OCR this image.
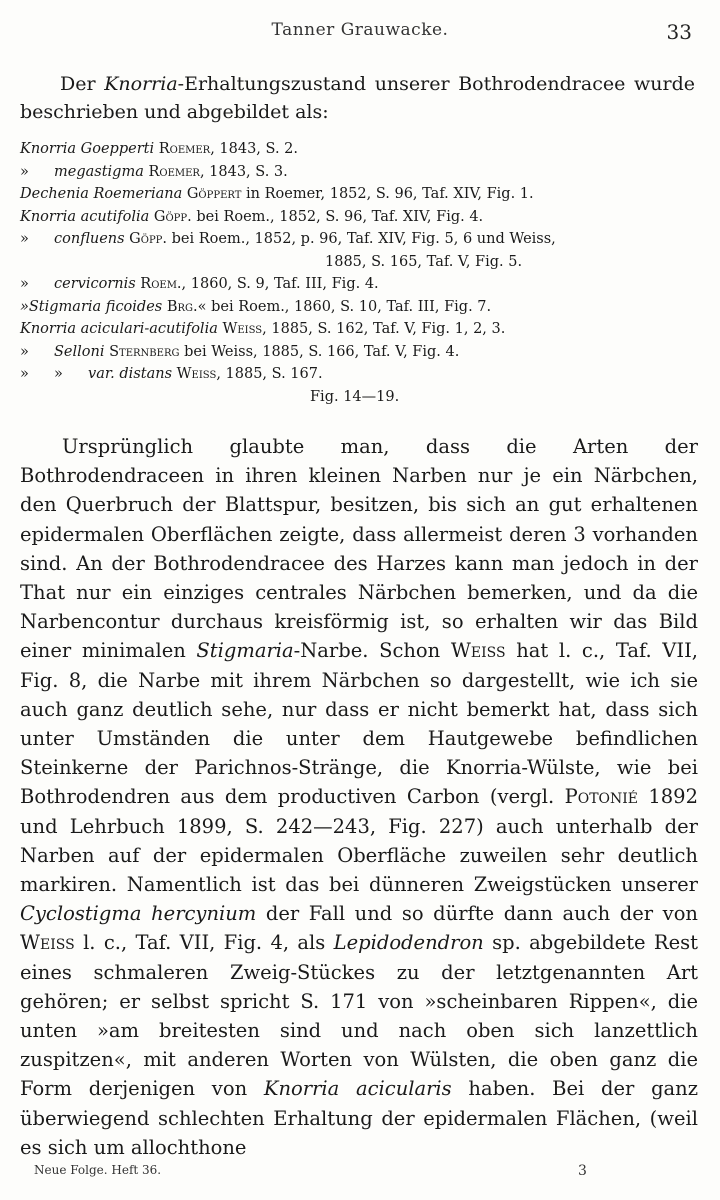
Tanner Grauwacke.	33

Der Knorria-Erhaltungszustand unserer Bothrodendracee wurde beschrieben und abgebildet als:

Knorria Goepperti Roemer, 1843, S. 2.
» megastigma Roemer, 1843, S. 3.
Dechenia Roemeriana Göppert in Roemer, 1852, S. 96, Taf. XIV, Fig. 1.
Knorria acutifolia Göpp. bei Roem., 1852, S. 96, Taf. XIV, Fig. 4.
» confluens Göpp. bei Roem., 1852, p. 96, Taf. XIV, Fig. 5, 6 und Weiss,
1885, S. 165, Taf. V, Fig. 5.
» cervicornis Roem., 1860, S. 9, Taf. III, Fig. 4.
»Stigmaria ficoides Brg.« bei Roem., 1860, S. 10, Taf. III, Fig. 7.
Knorria aciculari-acutifolia Weiss, 1885, S. 162, Taf. V, Fig. 1, 2, 3.
» Selloni Sternberg bei Weiss, 1885, S. 166, Taf. V, Fig. 4.
» » var. distans Weiss, 1885, S. 167.
Fig. 14—19.

Ursprünglich glaubte man, dass die Arten der Bothrodendraceen in ihren kleinen Narben nur je ein Närbchen, den Querbruch der Blattspur, besitzen, bis sich an gut erhaltenen epidermalen Oberflächen zeigte, dass allermeist deren 3 vorhanden sind. An der Bothrodendracee des Harzes kann man jedoch in der That nur ein einziges centrales Närbchen bemerken, und da die Narbencontur durchaus kreisförmig ist, so erhalten wir das Bild einer minimalen Stigmaria-Narbe. Schon Weiss hat l. c., Taf. VII, Fig. 8, die Narbe mit ihrem Närbchen so dargestellt, wie ich sie auch ganz deutlich sehe, nur dass er nicht bemerkt hat, dass sich unter Umständen die unter dem Hautgewebe befindlichen Steinkerne der Parichnos-Stränge, die Knorria-Wülste, wie bei Bothrodendren aus dem productiven Carbon (vergl. Potonié 1892 und Lehrbuch 1899, S. 242—243, Fig. 227) auch unterhalb der Narben auf der epidermalen Oberfläche zuweilen sehr deutlich markiren. Namentlich ist das bei dünneren Zweigstücken unserer Cyclostigma hercynium der Fall und so dürfte dann auch der von Weiss l. c., Taf. VII, Fig. 4, als Lepidodendron sp. abgebildete Rest eines schmaleren Zweig-Stückes zu der letztgenannten Art gehören; er selbst spricht S. 171 von »scheinbaren Rippen«, die unten »am breitesten sind und nach oben sich lanzettlich zuspitzen«, mit anderen Worten von Wülsten, die oben ganz die Form derjenigen von Knorria acicularis haben. Bei der ganz überwiegend schlechten Erhaltung der epidermalen Flächen, (weil es sich um allochthone

Neue Folge. Heft 36.	3
